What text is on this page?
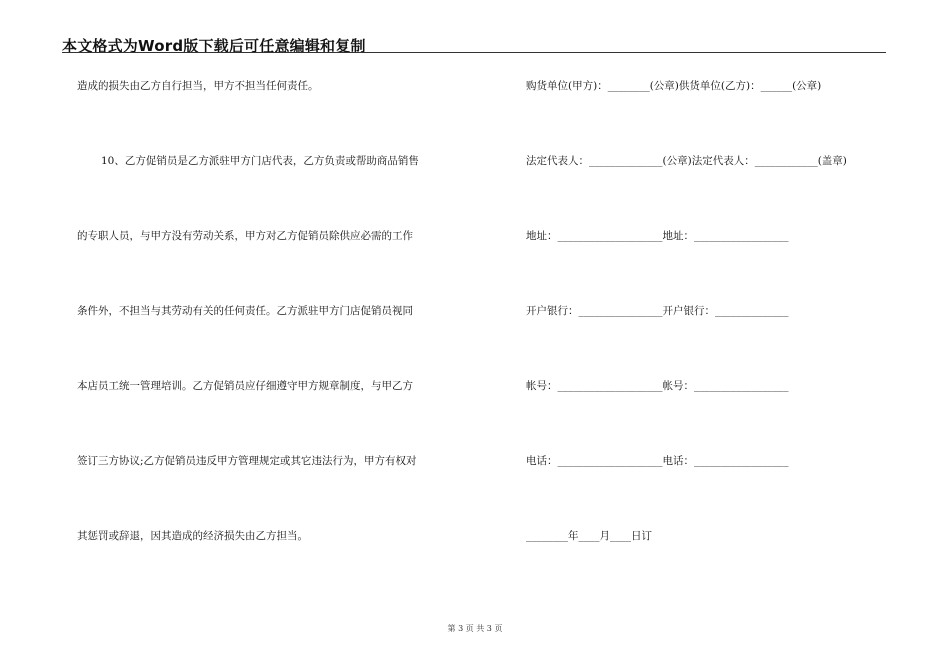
本文格式为Word版下载后可任意编辑和复制
造成的损失由乙方自行担当，甲方不担当任何责任。
10、乙方促销员是乙方派驻甲方门店代表，乙方负责或帮助商品销售
的专职人员，与甲方没有劳动关系，甲方对乙方促销员除供应必需的工作
条件外，不担当与其劳动有关的任何责任。乙方派驻甲方门店促销员视同
本店员工统一管理培训。乙方促销员应仔细遵守甲方规章制度，与甲乙方
签订三方协议;乙方促销员违反甲方管理规定或其它违法行为，甲方有权对
其惩罚或辞退，因其造成的经济损失由乙方担当。
购货单位(甲方)：________(公章)供货单位(乙方)：______(公章)
法定代表人：______________(公章)法定代表人：____________(盖章)
地址：____________________地址：__________________
开户银行：________________开户银行：______________
帐号：____________________帐号：__________________
电话：____________________电话：__________________
________年____月____日订
第 3 页 共 3 页
